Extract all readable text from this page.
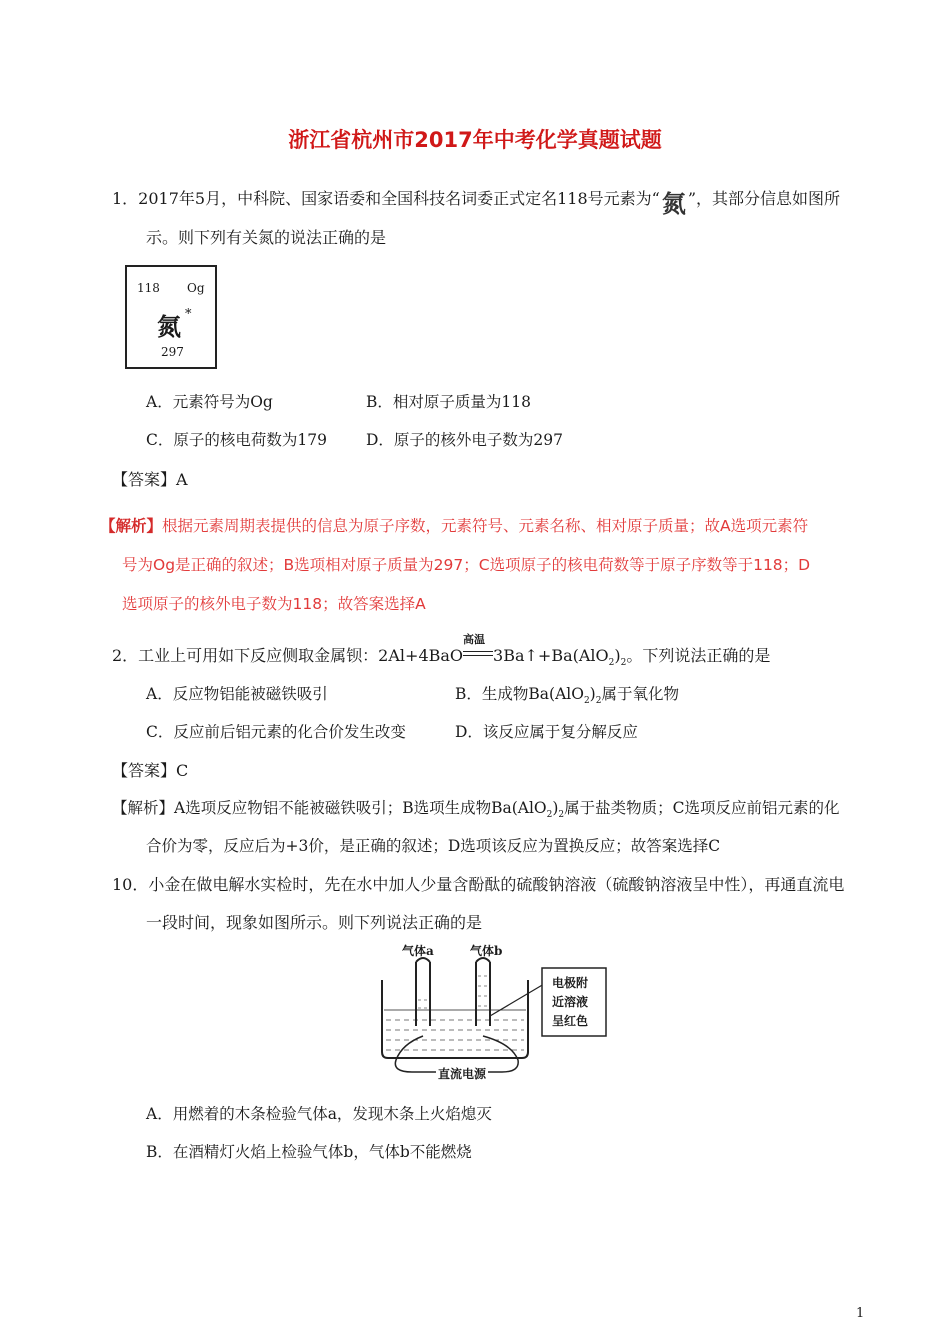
浙江省杭州市2017年中考化学真题试题
1．2017年5月，中科院、国家语委和全国科技名词委正式定名118号元素为“氮 ”，其部分信息如图所
示。则下列有关氮的说法正确的是
118 Og
氮 *
297
A．元素符号为Og	B．相对原子质量为118
C．原子的核电荷数为179	D．原子的核外电子数为297
【答案】A
【解析】根据元素周期表提供的信息为原子序数，元素符号、元素名称、相对原子质量；故A选项元素符
号为Og是正确的叙述；B选项相对原子质量为297；C选项原子的核电荷数等于原子序数等于118；D
选项原子的核外电子数为118；故答案选择A
2．工业上可用如下反应侧取金属钡：2Al+4BaO
高温
$3Ba↑+Ba(AlO_2)_2$。下列说法正确的是
A．反应物铝能被磁铁吸引	B．生成物$Ba(AlO_2)_2$属于氧化物
C．反应前后铝元素的化合价发生改变	D．该反应属于复分解反应
【答案】C
【解析】A选项反应物铝不能被磁铁吸引；B选项生成物$Ba(AlO_2)_2$属于盐类物质；C选项反应前铝元素的化
合价为零，反应后为+3价，是正确的叙述；D选项该反应为置换反应；故答案选择C
10．小金在做电解水实检时，先在水中加人少量含酚酞的硫酸钠溶液（硫酸钠溶液呈中性），再通直流电
一段时间，现象如图所示。则下列说法正确的是
气体a	气体b
电极附
近溶液
呈红色
直流电源
A．用燃着的木条检验气体a，发现木条上火焰熄灭
B．在酒精灯火焰上检验气体b，气体b不能燃烧
1
